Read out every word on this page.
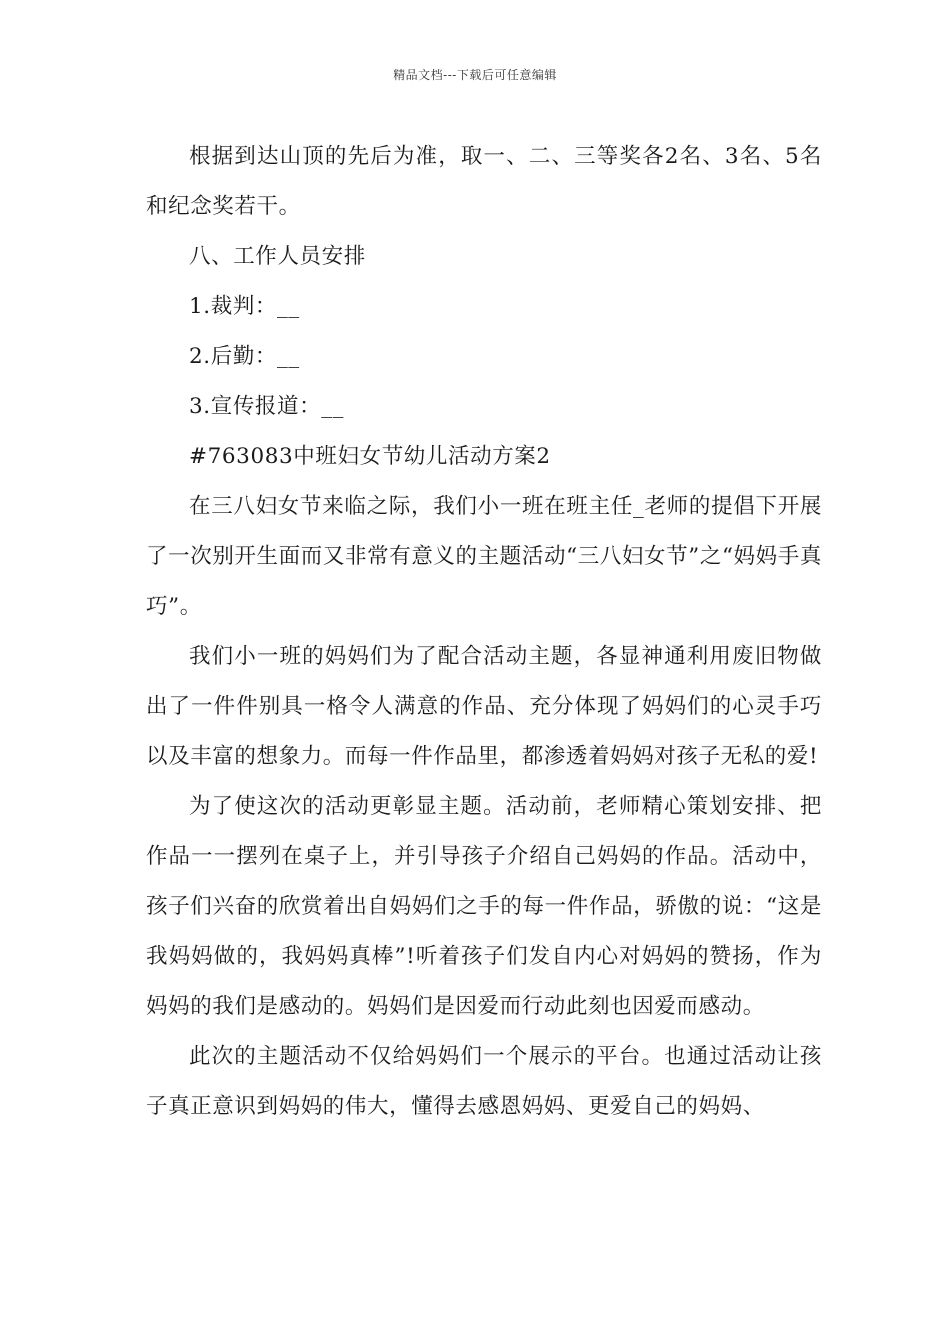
精品文档---下载后可任意编辑

根据到达山顶的先后为准，取一、二、三等奖各2名、3名、5名和纪念奖若干。

八、工作人员安排

1.裁判：__

2.后勤：__

3.宣传报道：__

#763083中班妇女节幼儿活动方案2

在三八妇女节来临之际，我们小一班在班主任_老师的提倡下开展了一次别开生面而又非常有意义的主题活动“三八妇女节”之“妈妈手真巧”。

我们小一班的妈妈们为了配合活动主题，各显神通利用废旧物做出了一件件别具一格令人满意的作品、充分体现了妈妈们的心灵手巧以及丰富的想象力。而每一件作品里，都渗透着妈妈对孩子无私的爱!

为了使这次的活动更彰显主题。活动前，老师精心策划安排、把作品一一摆列在桌子上，并引导孩子介绍自己妈妈的作品。活动中，孩子们兴奋的欣赏着出自妈妈们之手的每一件作品，骄傲的说：“这是我妈妈做的，我妈妈真棒”!听着孩子们发自内心对妈妈的赞扬，作为妈妈的我们是感动的。妈妈们是因爱而行动此刻也因爱而感动。

此次的主题活动不仅给妈妈们一个展示的平台。也通过活动让孩子真正意识到妈妈的伟大，懂得去感恩妈妈、更爱自己的妈妈、
